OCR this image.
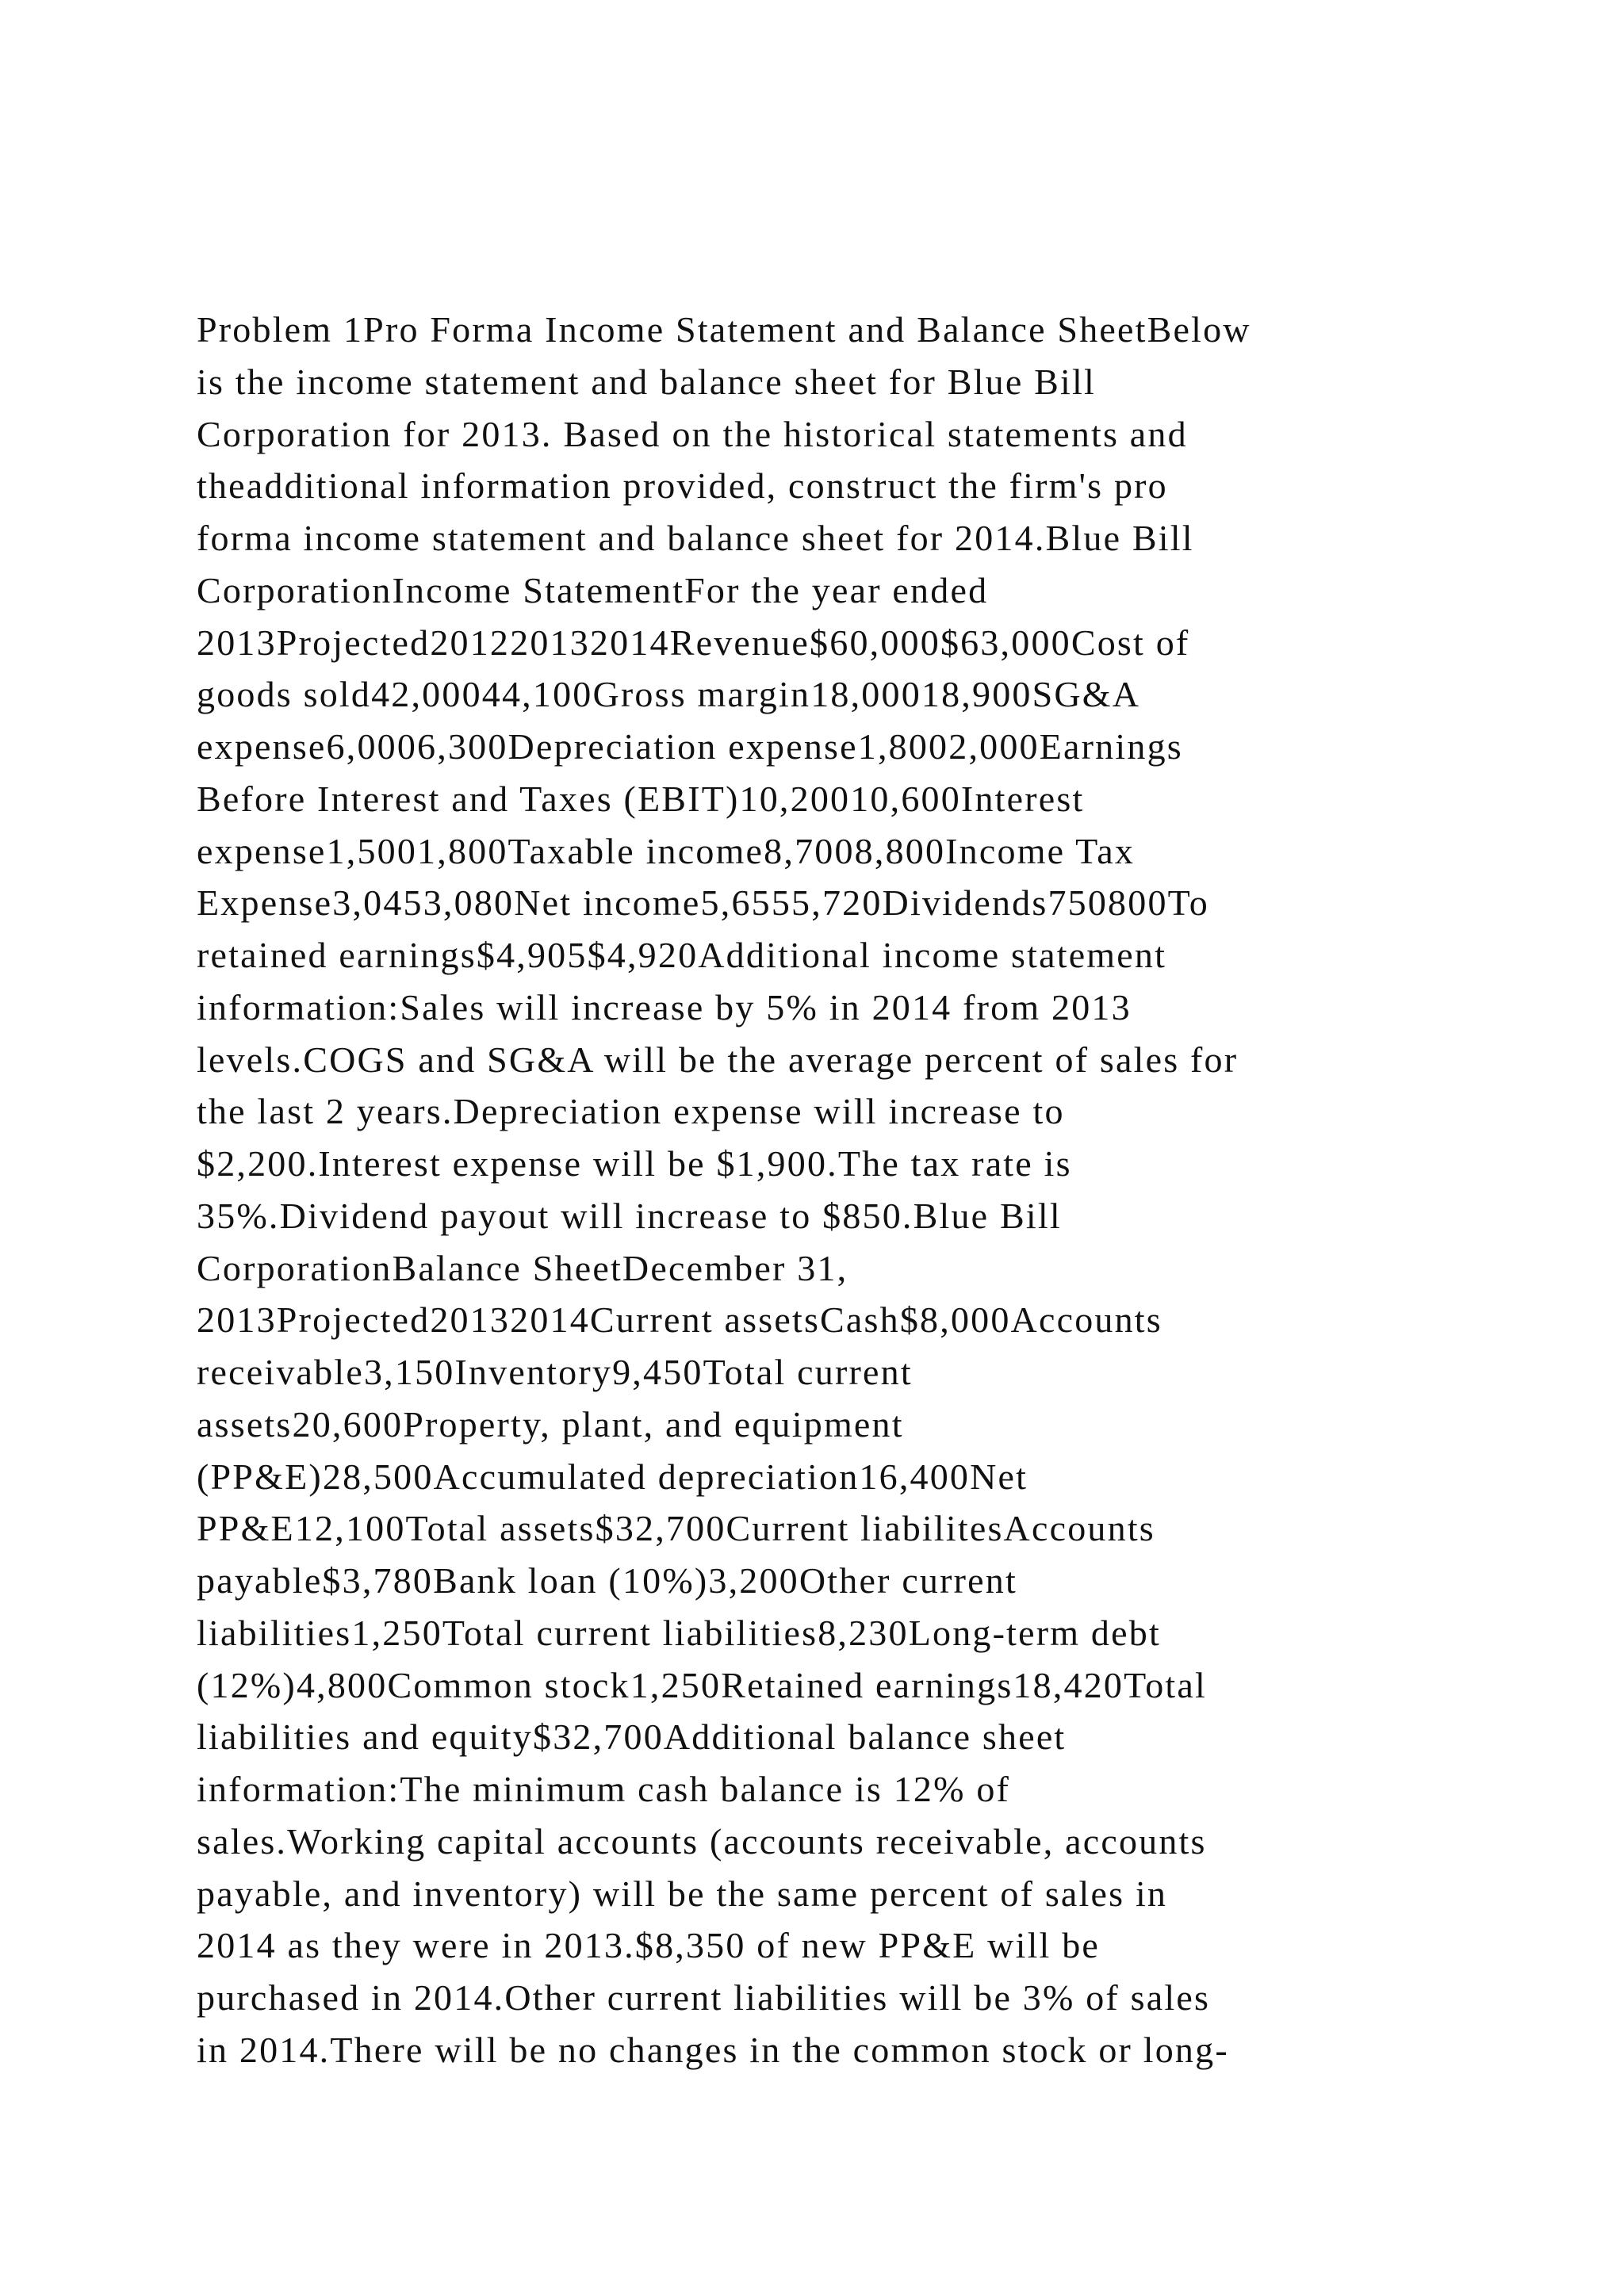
Problem 1Pro Forma Income Statement and Balance SheetBelow
is the income statement and balance sheet for Blue Bill
Corporation for 2013. Based on the historical statements and
theadditional information provided, construct the firm's pro
forma income statement and balance sheet for 2014.Blue Bill
CorporationIncome StatementFor the year ended
2013Projected201220132014Revenue$60,000$63,000Cost of
goods sold42,00044,100Gross margin18,00018,900SG&A
expense6,0006,300Depreciation expense1,8002,000Earnings
Before Interest and Taxes (EBIT)10,20010,600Interest
expense1,5001,800Taxable income8,7008,800Income Tax
Expense3,0453,080Net income5,6555,720Dividends750800To
retained earnings$4,905$4,920Additional income statement
information:Sales will increase by 5% in 2014 from 2013
levels.COGS and SG&A will be the average percent of sales for
the last 2 years.Depreciation expense will increase to
$2,200.Interest expense will be $1,900.The tax rate is
35%.Dividend payout will increase to $850.Blue Bill
CorporationBalance SheetDecember 31,
2013Projected20132014Current assetsCash$8,000Accounts
receivable3,150Inventory9,450Total current
assets20,600Property, plant, and equipment
(PP&E)28,500Accumulated depreciation16,400Net
PP&E12,100Total assets$32,700Current liabilitesAccounts
payable$3,780Bank loan (10%)3,200Other current
liabilities1,250Total current liabilities8,230Long-term debt
(12%)4,800Common stock1,250Retained earnings18,420Total
liabilities and equity$32,700Additional balance sheet
information:The minimum cash balance is 12% of
sales.Working capital accounts (accounts receivable, accounts
payable, and inventory) will be the same percent of sales in
2014 as they were in 2013.$8,350 of new PP&E will be
purchased in 2014.Other current liabilities will be 3% of sales
in 2014.There will be no changes in the common stock or long-
